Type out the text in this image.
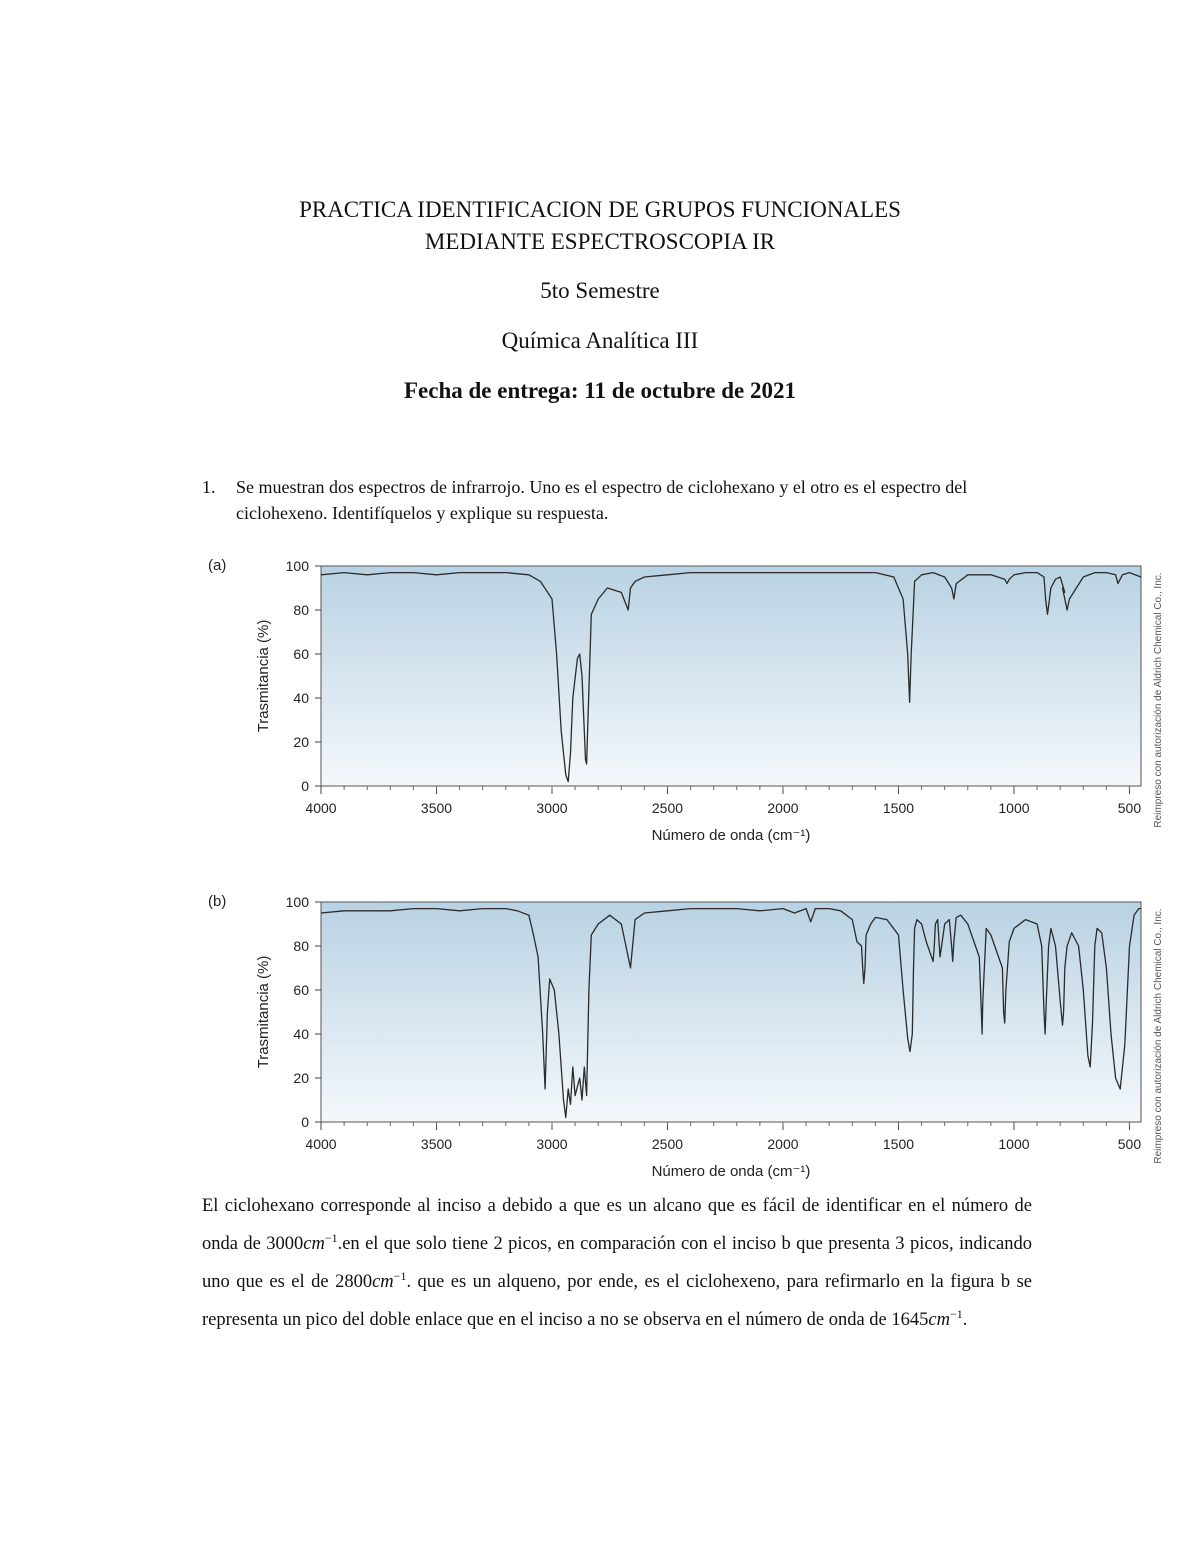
PRACTICA IDENTIFICACION DE GRUPOS FUNCIONALES
MEDIANTE ESPECTROSCOPIA IR
5to Semestre
Química Analítica III
Fecha de entrega: 11 de octubre de 2021
1. Se muestran dos espectros de infrarrojo. Uno es el espectro de ciclohexano y el otro es el espectro del ciclohexeno. Identifíquelos y explique su respuesta.
(a)
0
20
40
60
80
100
4000	3500	3000	2500	2000	1500	1000	500
Número de onda (cm⁻¹)
Trasmitancia (%)	Reimpreso con autorización de Aldrich Chemical Co., Inc.
(b)
0
20
40
60
80
100
4000	3500	3000	2500	2000	1500	1000	500
Número de onda (cm⁻¹)
Trasmitancia (%)	Reimpreso con autorización de Aldrich Chemical Co., Inc.
El ciclohexano corresponde al inciso a debido a que es un alcano que es fácil de identificar en el número de onda de $3000cm^{-1}.en$ el que solo tiene 2 picos, en comparación con el inciso b que presenta 3 picos, indicando uno que es el de $2800cm^{-1}$. que es un alqueno, por ende, es el ciclohexeno, para refirmarlo en la figura b se representa un pico del doble enlace que en el inciso a no se observa en el número de onda de $1645cm^{-1}$.
